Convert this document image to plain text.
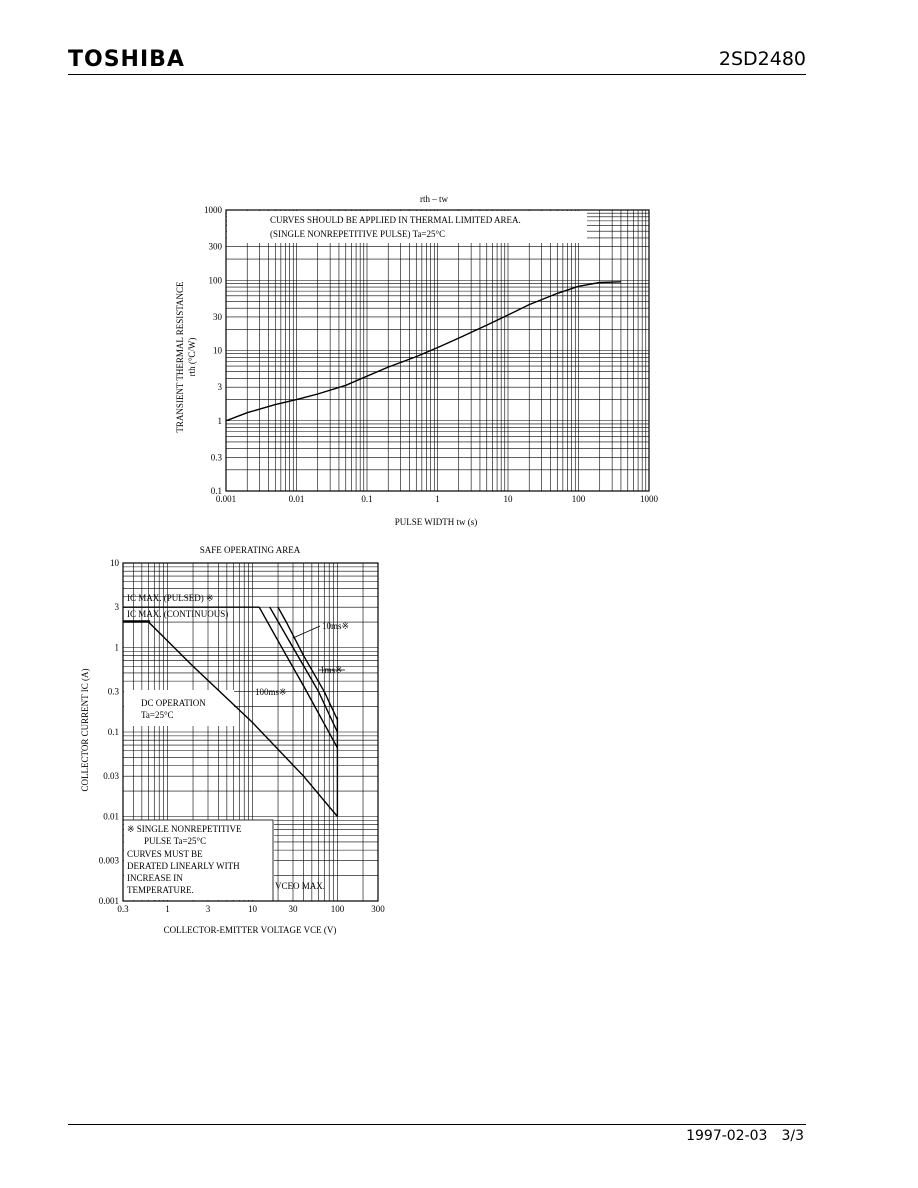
TOSHIBA	2SD2480
0.001	0.01	0.1	1	10	100	1000
0.1
0.3
1
3
10
30
100
300
1000
CURVES SHOULD BE APPLIED IN THERMAL LIMITED AREA.
(SINGLE NONREPETITIVE PULSE) Ta=25°C
rth – tw
PULSE WIDTH tw (s)
TRANSIENT THERMAL RESISTANCE rth (°C/W)
0.3	1	3	10	30	100	300
0.001
0.003
0.01
0.03
0.1
0.3
1
3
10
SAFE OPERATING AREA
IC MAX. (PULSED) ※
IC MAX. (CONTINUOUS)
10ms※
1ms※
100ms※
DC OPERATION
Ta=25°C
※ SINGLE NONREPETITIVE
PULSE Ta=25°C
CURVES MUST BE
DERATED LINEARLY WITH
INCREASE IN
TEMPERATURE.	VCEO MAX.
COLLECTOR-EMITTER VOLTAGE VCE (V)
COLLECTOR CURRENT IC (A)
1997-02-03 3/3
